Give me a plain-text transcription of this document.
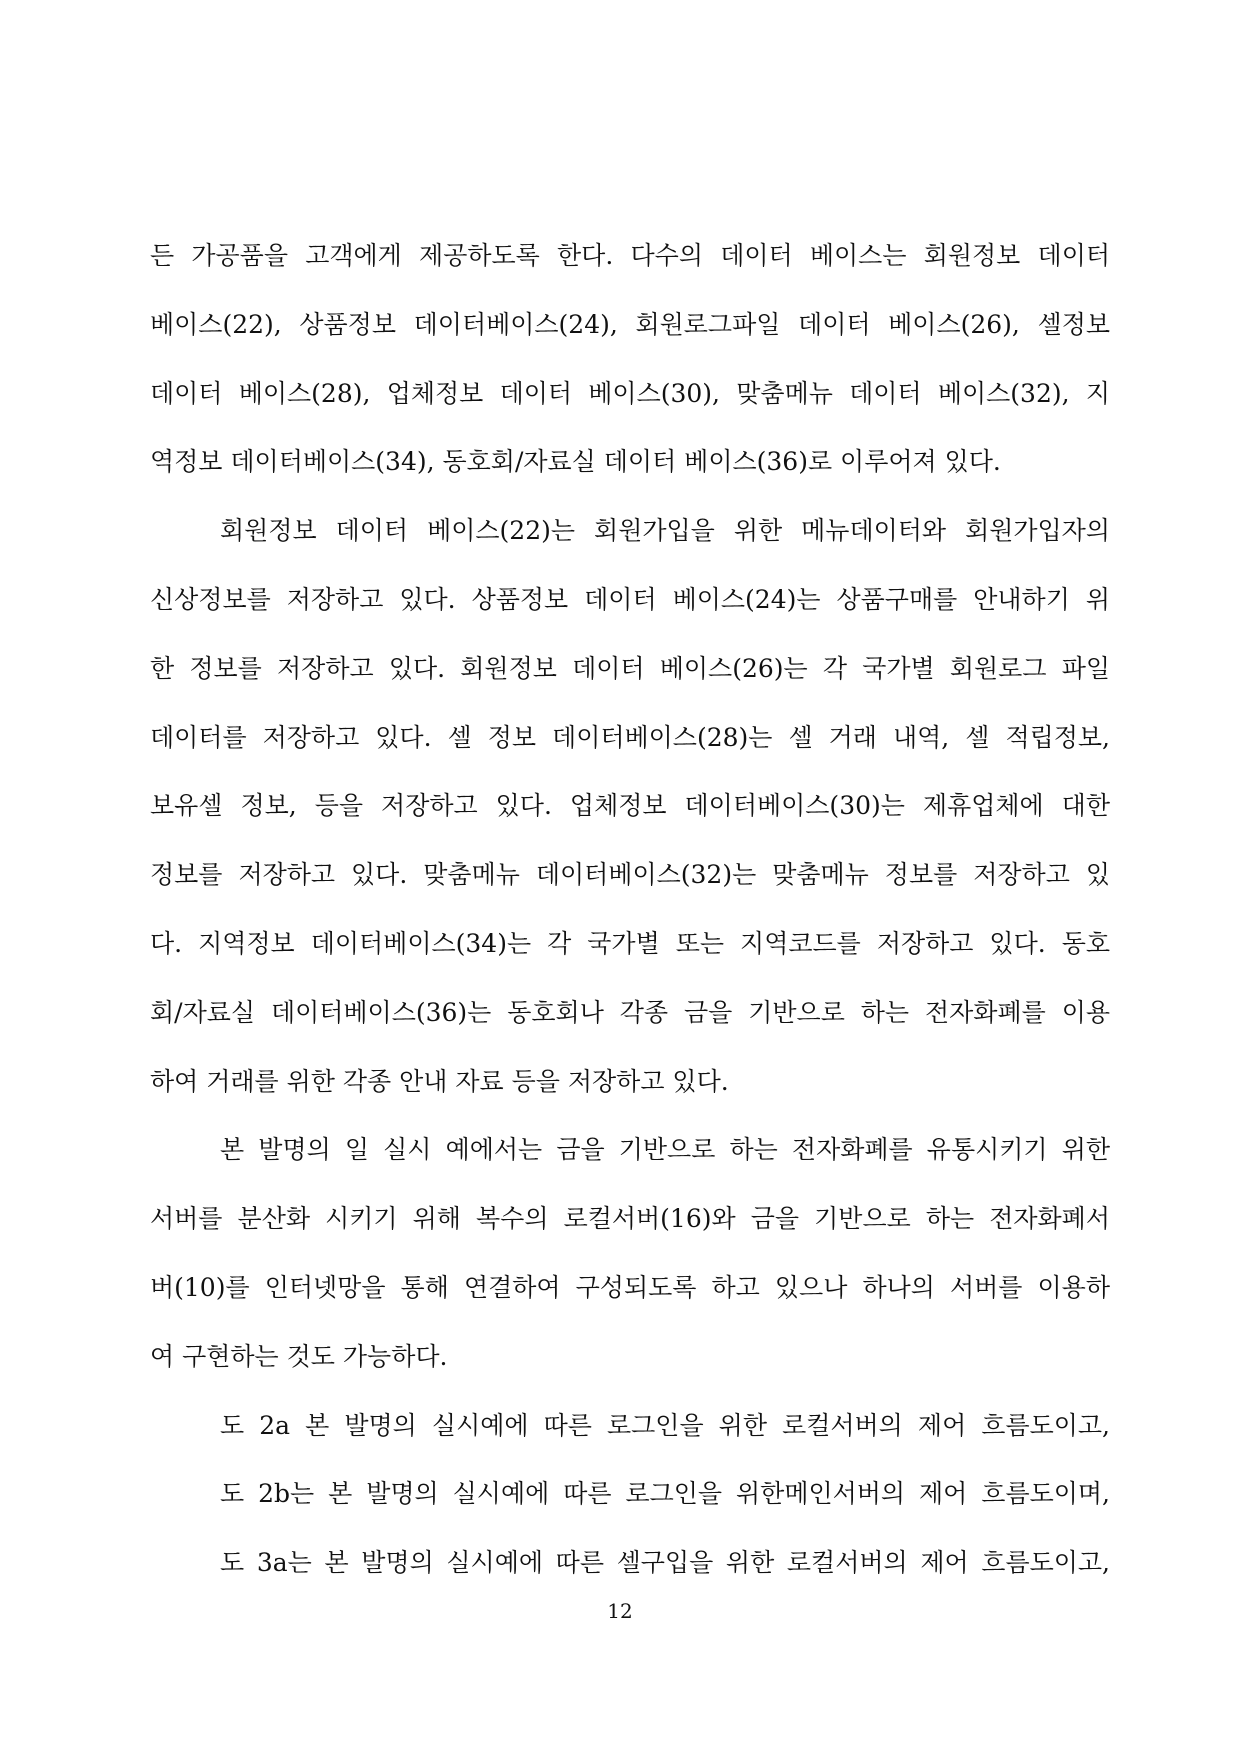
든 가공품을 고객에게 제공하도록 한다. 다수의 데이터 베이스는 회원정보 데이터
베이스(22), 상품정보 데이터베이스(24), 회원로그파일 데이터 베이스(26), 셀정보
데이터 베이스(28), 업체정보 데이터 베이스(30), 맞춤메뉴 데이터 베이스(32), 지
역정보 데이터베이스(34), 동호회/자료실 데이터 베이스(36)로 이루어져 있다.
회원정보 데이터 베이스(22)는 회원가입을 위한 메뉴데이터와 회원가입자의
신상정보를 저장하고 있다. 상품정보 데이터 베이스(24)는 상품구매를 안내하기 위
한 정보를 저장하고 있다. 회원정보 데이터 베이스(26)는 각 국가별 회원로그 파일
데이터를 저장하고 있다. 셀 정보 데이터베이스(28)는 셀 거래 내역, 셀 적립정보,
보유셀 정보, 등을 저장하고 있다. 업체정보 데이터베이스(30)는 제휴업체에 대한
정보를 저장하고 있다. 맞춤메뉴 데이터베이스(32)는 맞춤메뉴 정보를 저장하고 있
다. 지역정보 데이터베이스(34)는 각 국가별 또는 지역코드를 저장하고 있다. 동호
회/자료실 데이터베이스(36)는 동호회나 각종 금을 기반으로 하는 전자화폐를 이용
하여 거래를 위한 각종 안내 자료 등을 저장하고 있다.
본 발명의 일 실시 예에서는 금을 기반으로 하는 전자화폐를 유통시키기 위한
서버를 분산화 시키기 위해 복수의 로컬서버(16)와 금을 기반으로 하는 전자화폐서
버(10)를 인터넷망을 통해 연결하여 구성되도록 하고 있으나 하나의 서버를 이용하
여 구현하는 것도 가능하다.
도 2a 본 발명의 실시예에 따른 로그인을 위한 로컬서버의 제어 흐름도이고,
도 2b는 본 발명의 실시예에 따른 로그인을 위한메인서버의 제어 흐름도이며,
도 3a는 본 발명의 실시예에 따른 셀구입을 위한 로컬서버의 제어 흐름도이고,
12
